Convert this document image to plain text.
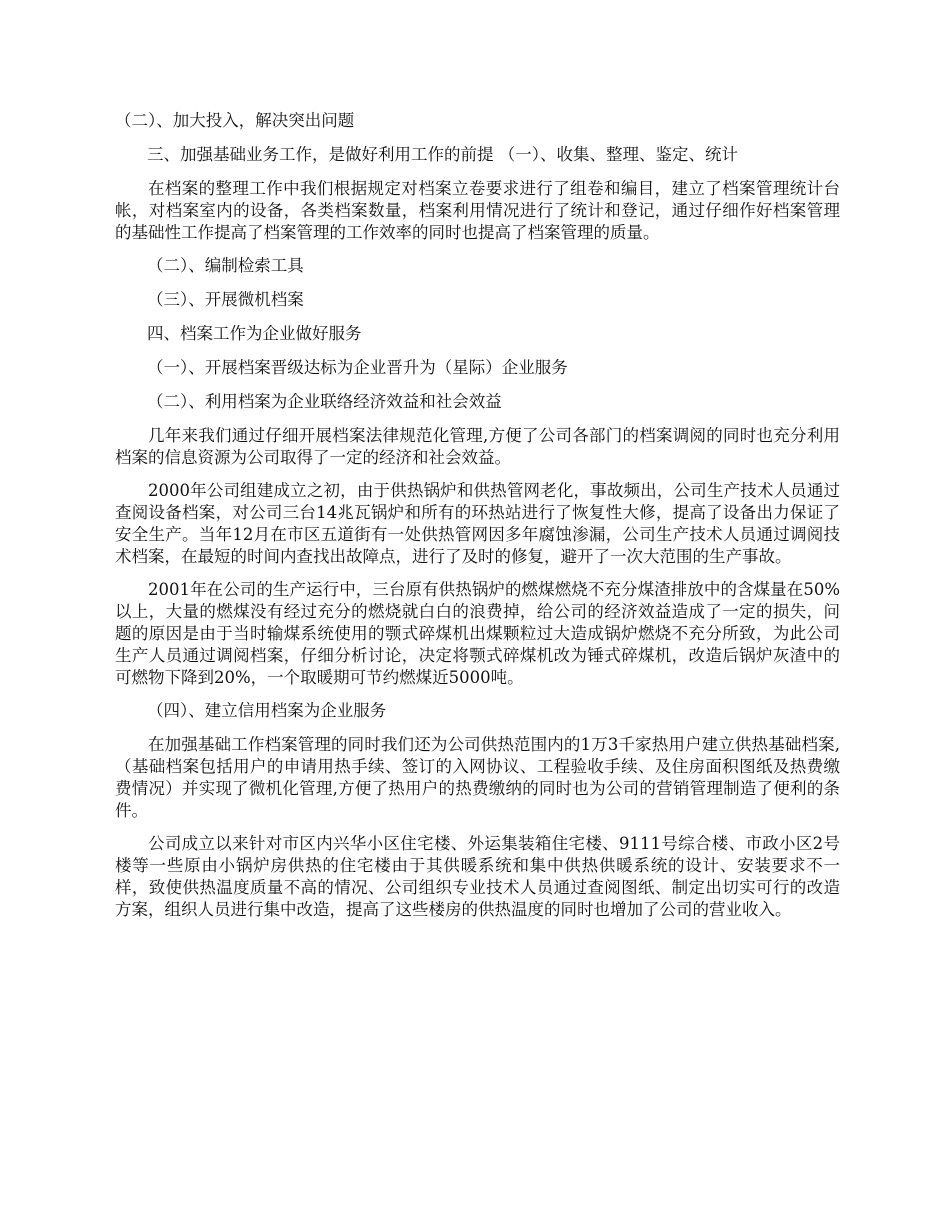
（二）、加大投入，解决突出问题

三、加强基础业务工作，是做好利用工作的前提 （一）、收集、整理、鉴定、统计

在档案的整理工作中我们根据规定对档案立卷要求进行了组卷和编目，建立了档案管理统计台帐，对档案室内的设备，各类档案数量，档案利用情况进行了统计和登记，通过仔细作好档案管理的基础性工作提高了档案管理的工作效率的同时也提高了档案管理的质量。

（二）、编制检索工具

（三）、开展微机档案

四、档案工作为企业做好服务

（一）、开展档案晋级达标为企业晋升为（星际）企业服务

（二）、利用档案为企业联络经济效益和社会效益

几年来我们通过仔细开展档案法律规范化管理,方便了公司各部门的档案调阅的同时也充分利用档案的信息资源为公司取得了一定的经济和社会效益。

2000年公司组建成立之初，由于供热锅炉和供热管网老化，事故频出，公司生产技术人员通过查阅设备档案，对公司三台14兆瓦锅炉和所有的环热站进行了恢复性大修，提高了设备出力保证了安全生产。当年12月在市区五道街有一处供热管网因多年腐蚀渗漏，公司生产技术人员通过调阅技术档案，在最短的时间内查找出故障点，进行了及时的修复，避开了一次大范围的生产事故。

2001年在公司的生产运行中，三台原有供热锅炉的燃煤燃烧不充分煤渣排放中的含煤量在50%以上，大量的燃煤没有经过充分的燃烧就白白的浪费掉，给公司的经济效益造成了一定的损失，问题的原因是由于当时输煤系统使用的颚式碎煤机出煤颗粒过大造成锅炉燃烧不充分所致，为此公司生产人员通过调阅档案，仔细分析讨论，决定将颚式碎煤机改为锤式碎煤机，改造后锅炉灰渣中的可燃物下降到20%，一个取暖期可节约燃煤近5000吨。

（四）、建立信用档案为企业服务

在加强基础工作档案管理的同时我们还为公司供热范围内的1万3千家热用户建立供热基础档案,（基础档案包括用户的申请用热手续、签订的入网协议、工程验收手续、及住房面积图纸及热费缴费情况）并实现了微机化管理,方便了热用户的热费缴纳的同时也为公司的营销管理制造了便利的条件。

公司成立以来针对市区内兴华小区住宅楼、外运集装箱住宅楼、9111号综合楼、市政小区2号楼等一些原由小锅炉房供热的住宅楼由于其供暖系统和集中供热供暖系统的设计、安装要求不一样，致使供热温度质量不高的情况、公司组织专业技术人员通过查阅图纸、制定出切实可行的改造方案，组织人员进行集中改造，提高了这些楼房的供热温度的同时也增加了公司的营业收入。
